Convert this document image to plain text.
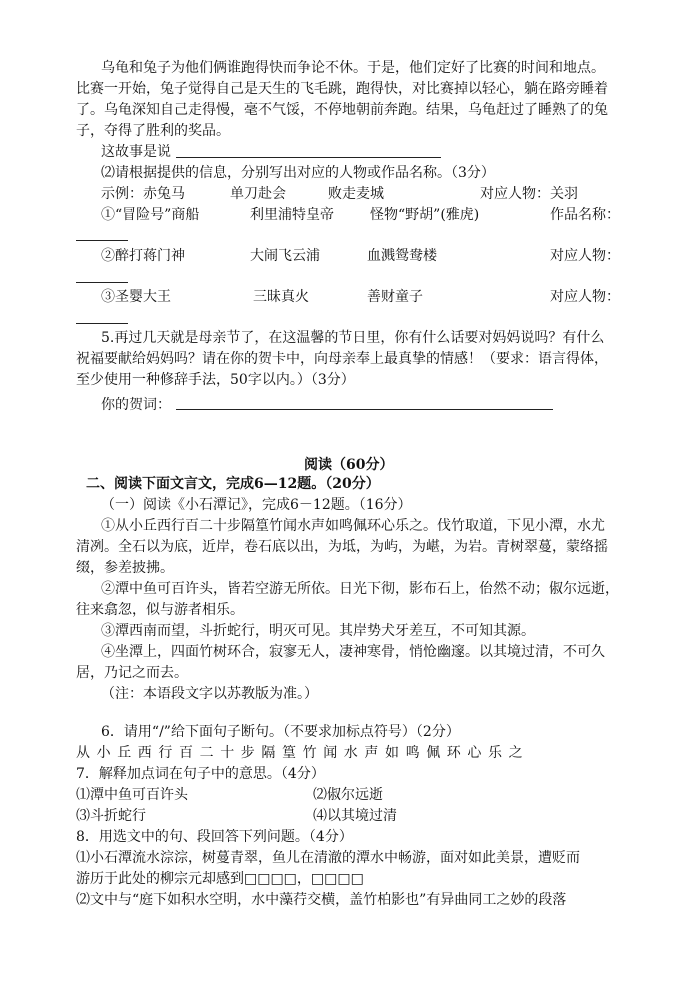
乌龟和兔子为他们俩谁跑得快而争论不休。于是，他们定好了比赛的时间和地点。
比赛一开始，兔子觉得自己是天生的飞毛跳，跑得快，对比赛掉以轻心，躺在路旁睡着
了。乌龟深知自己走得慢，毫不气馁，不停地朝前奔跑。结果，乌龟赶过了睡熟了的兔
子，夺得了胜利的奖品。
这故事是说
⑵请根据提供的信息，分别写出对应的人物或作品名称。（3分）
示例：赤兔马	单刀赴会	败走麦城	对应人物：关羽
①“冒险号”商船	利里浦特皇帝	怪物“野胡”(雅虎)	作品名称：
②醉打蒋门神	大闹飞云浦	血溅鸳鸯楼	对应人物：
③圣婴大王	三昧真火	善财童子	对应人物：
5.再过几天就是母亲节了，在这温馨的节日里，你有什么话要对妈妈说吗？有什么
祝福要献给妈妈吗？请在你的贺卡中，向母亲奉上最真挚的情感！（要求：语言得体，
至少使用一种修辞手法，50字以内。）（3分）
你的贺词：
阅读（60分）
二、阅读下面文言文，完成6—12题。（20分）
（一）阅读《小石潭记》，完成6－12题。（16分）
①从小丘西行百二十步隔篁竹闻水声如鸣佩环心乐之。伐竹取道，下见小潭，水尤
清冽。全石以为底，近岸，卷石底以出，为坻，为屿，为嵁，为岩。青树翠蔓，蒙络摇
缀，参差披拂。
②潭中鱼可百许头，皆若空游无所依。日光下彻，影布石上，佁然不动；俶尔远逝，
往来翕忽，似与游者相乐。
③潭西南而望，斗折蛇行，明灭可见。其岸势犬牙差互，不可知其源。
④坐潭上，四面竹树环合，寂寥无人，凄神寒骨，悄怆幽邃。以其境过清，不可久
居，乃记之而去。
（注：本语段文字以苏教版为准。）
6．请用“/”给下面句子断句。（不要求加标点符号）（2分）
从小丘西行百二十步隔篁竹闻水声如鸣佩环心乐之
7．解释加点词在句子中的意思。（4分）
⑴潭中鱼可百许头	⑵俶尔远逝
⑶斗折蛇行	⑷以其境过清
8．用选文中的句、段回答下列问题。（4分）
⑴小石潭流水淙淙，树蔓青翠，鱼儿在清澈的潭水中畅游，面对如此美景，遭贬而
游历于此处的柳宗元却感到□□□□，□□□□
⑵文中与“庭下如积水空明，水中藻荇交横，盖竹柏影也”有异曲同工之妙的段落
